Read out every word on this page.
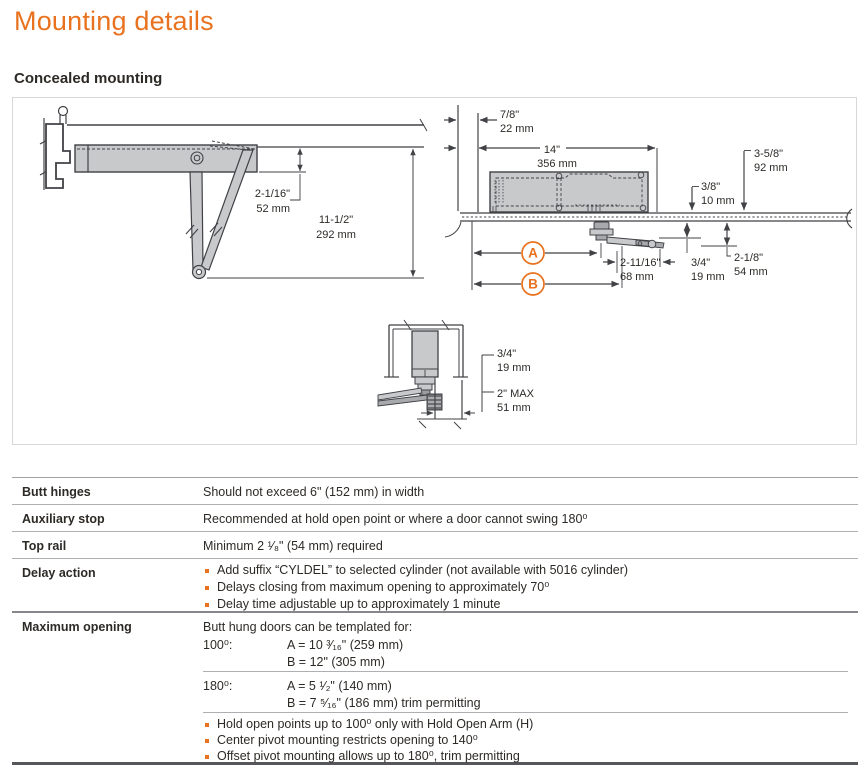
Mounting details
Concealed mounting
2-1/16"
52 mm
11-1/2"
292 mm
7/8"
22 mm
14"
356 mm
3-5/8"
92 mm
3/8"
10 mm
2-11/16"
68 mm
3/4"
19 mm
2-1/8"
54 mm
A
B
3/4"
19 mm
2" MAX
51 mm
Butt hinges	Should not exceed 6" (152 mm) in width
Auxiliary stop	Recommended at hold open point or where a door cannot swing 180⁰
Top rail	Minimum 2 ¹⁄₈" (54 mm) required
Delay action	Add suffix “CYLDEL” to selected cylinder (not available with 5016 cylinder)
Delays closing from maximum opening to approximately 70⁰
Delay time adjustable up to approximately 1 minute
Maximum opening	Butt hung doors can be templated for:
100⁰:	A = 10 ³⁄₁₆" (259 mm)
B = 12" (305 mm)
180⁰:	A = 5 ¹⁄₂" (140 mm)
B = 7 ⁵⁄₁₆" (186 mm) trim permitting
Hold open points up to 100⁰ only with Hold Open Arm (H)
Center pivot mounting restricts opening to 140⁰
Offset pivot mounting allows up to 180⁰, trim permitting
